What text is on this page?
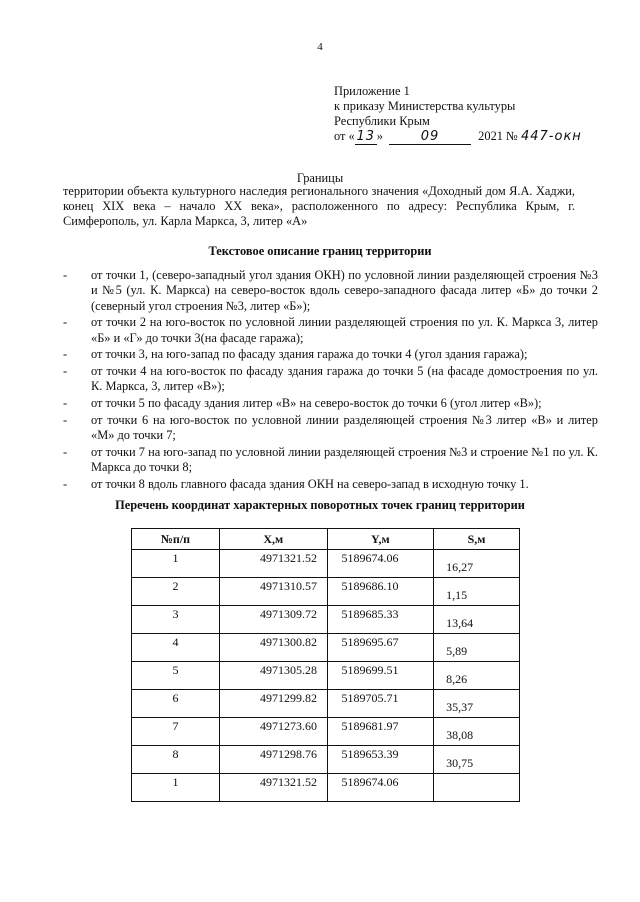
4
Приложение 1
к приказу Министерства культуры
Республики Крым
от « 13 »	09	2021 № 447-окн
Границы
территории объекта культурного наследия регионального значения «Доходный дом Я.А. Хаджи, конец XIX века – начало XX века», расположенного по адресу: Республика Крым, г. Симферополь, ул. Карла Маркса, 3, литер «А»
Текстовое описание границ территории
- от точки 1, (северо-западный угол здания ОКН) по условной линии разделяющей строения №3 и №5 (ул. К. Маркса) на северо-восток вдоль северо-западного фасада литер «Б» до точки 2 (северный угол строения №3, литер «Б»);
- от точки 2 на юго-восток по условной линии разделяющей строения по ул. К. Маркса 3, литер «Б» и «Г» до точки 3(на фасаде гаража);
- от точки 3, на юго-запад по фасаду здания гаража до точки 4 (угол здания гаража);
- от точки 4 на юго-восток по фасаду здания гаража до точки 5 (на фасаде домостроения по ул. К. Маркса, 3, литер «В»);
- от точки 5 по фасаду здания литер «В» на северо-восток до точки 6 (угол литер «В»);
- от точки 6 на юго-восток по условной линии разделяющей строения №3 литер «В» и литер «М» до точки 7;
- от точки 7 на юго-запад по условной линии разделяющей строения №3 и строение №1 по ул. К. Маркса до точки 8;
- от точки 8 вдоль главного фасада здания ОКН на северо-запад в исходную точку 1.
Перечень координат характерных поворотных точек границ территории
№п/п	X,м	Y,м	S,м
1	4971321.52	5189674.06	16,27
2	4971310.57	5189686.10	1,15
3	4971309.72	5189685.33	13,64
4	4971300.82	5189695.67	5,89
5	4971305.28	5189699.51	8,26
6	4971299.82	5189705.71	35,37
7	4971273.60	5189681.97	38,08
8	4971298.76	5189653.39	30,75
1	4971321.52	5189674.06	
